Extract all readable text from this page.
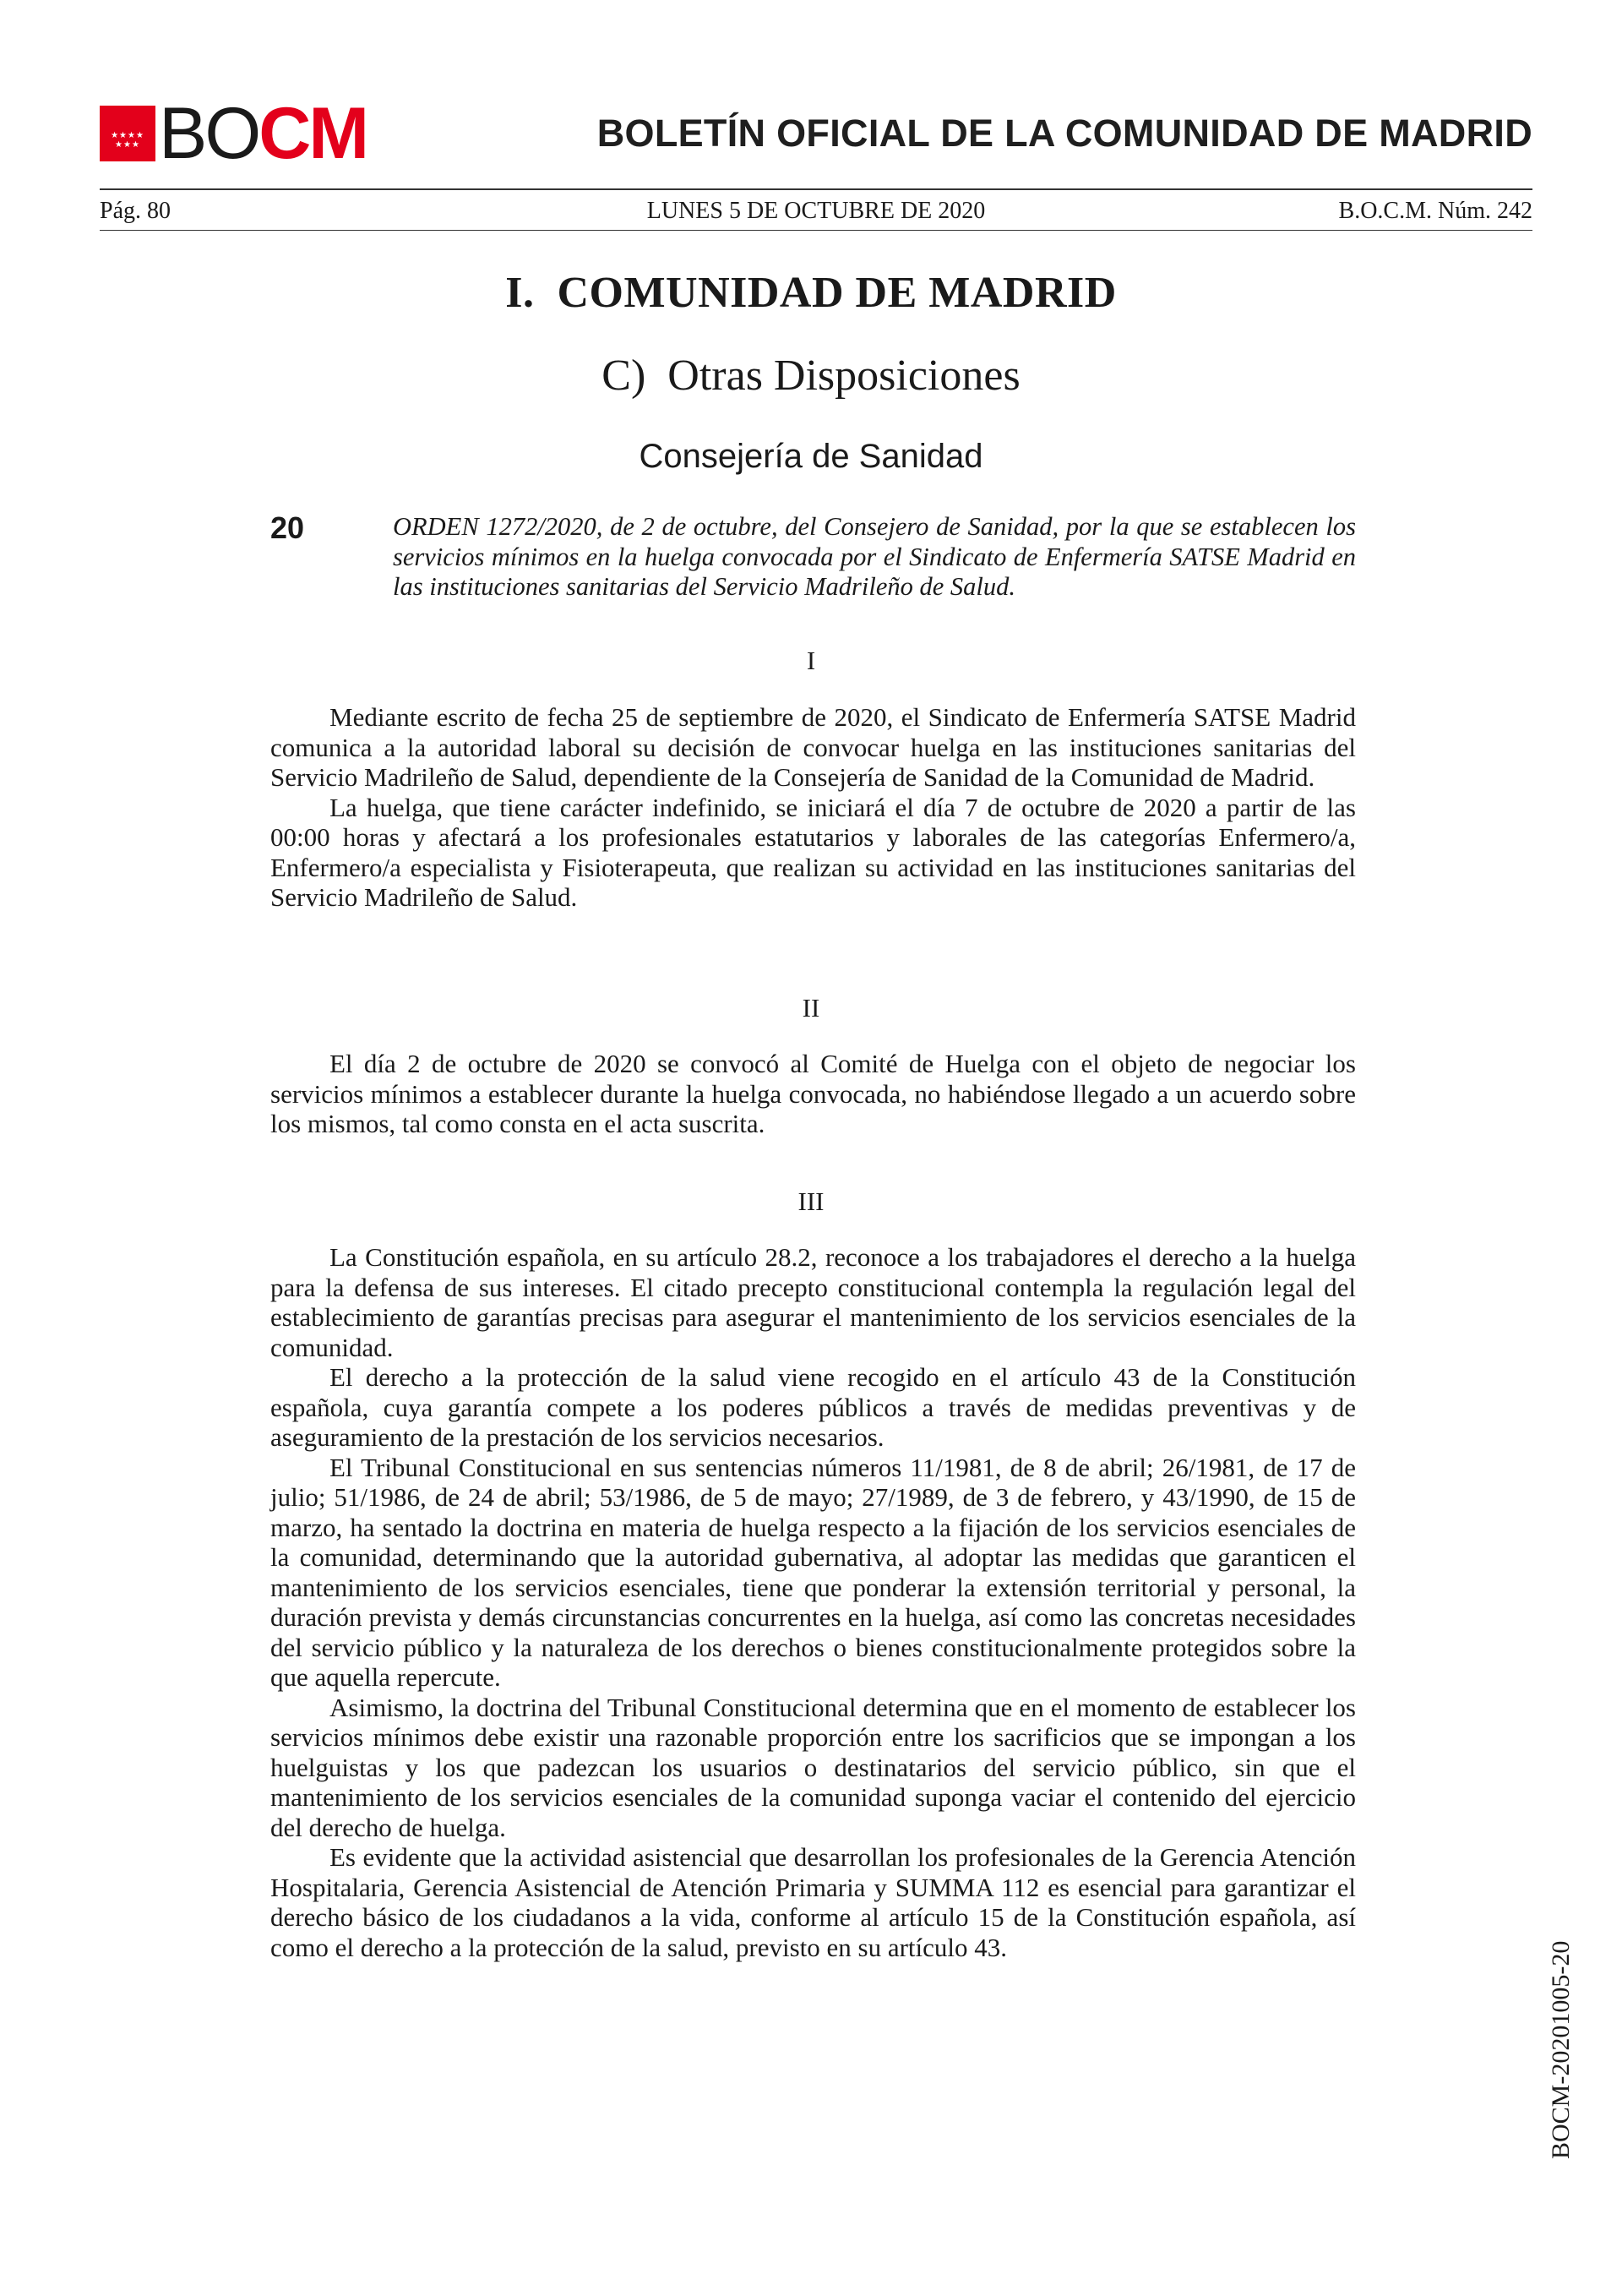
★★★★
★★★ BOCM	BOLETÍN OFICIAL DE LA COMUNIDAD DE MADRID
Pág. 80	LUNES 5 DE OCTUBRE DE 2020	B.O.C.M. Núm. 242
I.  COMUNIDAD DE MADRID
C)  Otras Disposiciones
Consejería de Sanidad
20	ORDEN 1272/2020, de 2 de octubre, del Consejero de Sanidad, por la que se establecen los servicios mínimos en la huelga convocada por el Sindicato de Enfermería SATSE Madrid en las instituciones sanitarias del Servicio Madrileño de Salud.

I

Mediante escrito de fecha 25 de septiembre de 2020, el Sindicato de Enfermería SATSE Madrid comunica a la autoridad laboral su decisión de convocar huelga en las instituciones sanitarias del Servicio Madrileño de Salud, dependiente de la Consejería de Sanidad de la Comunidad de Madrid.

La huelga, que tiene carácter indefinido, se iniciará el día 7 de octubre de 2020 a partir de las 00:00 horas y afectará a los profesionales estatutarios y laborales de las categorías Enfermero/a, Enfermero/a especialista y Fisioterapeuta, que realizan su actividad en las instituciones sanitarias del Servicio Madrileño de Salud.

II

El día 2 de octubre de 2020 se convocó al Comité de Huelga con el objeto de negociar los servicios mínimos a establecer durante la huelga convocada, no habiéndose llegado a un acuerdo sobre los mismos, tal como consta en el acta suscrita.

III

La Constitución española, en su artículo 28.2, reconoce a los trabajadores el derecho a la huelga para la defensa de sus intereses. El citado precepto constitucional contempla la regulación legal del establecimiento de garantías precisas para asegurar el mantenimiento de los servicios esenciales de la comunidad.

El derecho a la protección de la salud viene recogido en el artículo 43 de la Constitución española, cuya garantía compete a los poderes públicos a través de medidas preventivas y de aseguramiento de la prestación de los servicios necesarios.

El Tribunal Constitucional en sus sentencias números 11/1981, de 8 de abril; 26/1981, de 17 de julio; 51/1986, de 24 de abril; 53/1986, de 5 de mayo; 27/1989, de 3 de febrero, y 43/1990, de 15 de marzo, ha sentado la doctrina en materia de huelga respecto a la fijación de los servicios esenciales de la comunidad, determinando que la autoridad gubernativa, al adoptar las medidas que garanticen el mantenimiento de los servicios esenciales, tiene que ponderar la extensión territorial y personal, la duración prevista y demás circunstancias concurrentes en la huelga, así como las concretas necesidades del servicio público y la naturaleza de los derechos o bienes constitucionalmente protegidos sobre la que aquella repercute.

Asimismo, la doctrina del Tribunal Constitucional determina que en el momento de establecer los servicios mínimos debe existir una razonable proporción entre los sacrificios que se impongan a los huelguistas y los que padezcan los usuarios o destinatarios del servicio público, sin que el mantenimiento de los servicios esenciales de la comunidad suponga vaciar el contenido del ejercicio del derecho de huelga.

Es evidente que la actividad asistencial que desarrollan los profesionales de la Gerencia Atención Hospitalaria, Gerencia Asistencial de Atención Primaria y SUMMA 112 es esencial para garantizar el derecho básico de los ciudadanos a la vida, conforme al artículo 15 de la Constitución española, así como el derecho a la protección de la salud, previsto en su artículo 43.	BOCM-20201005-20
